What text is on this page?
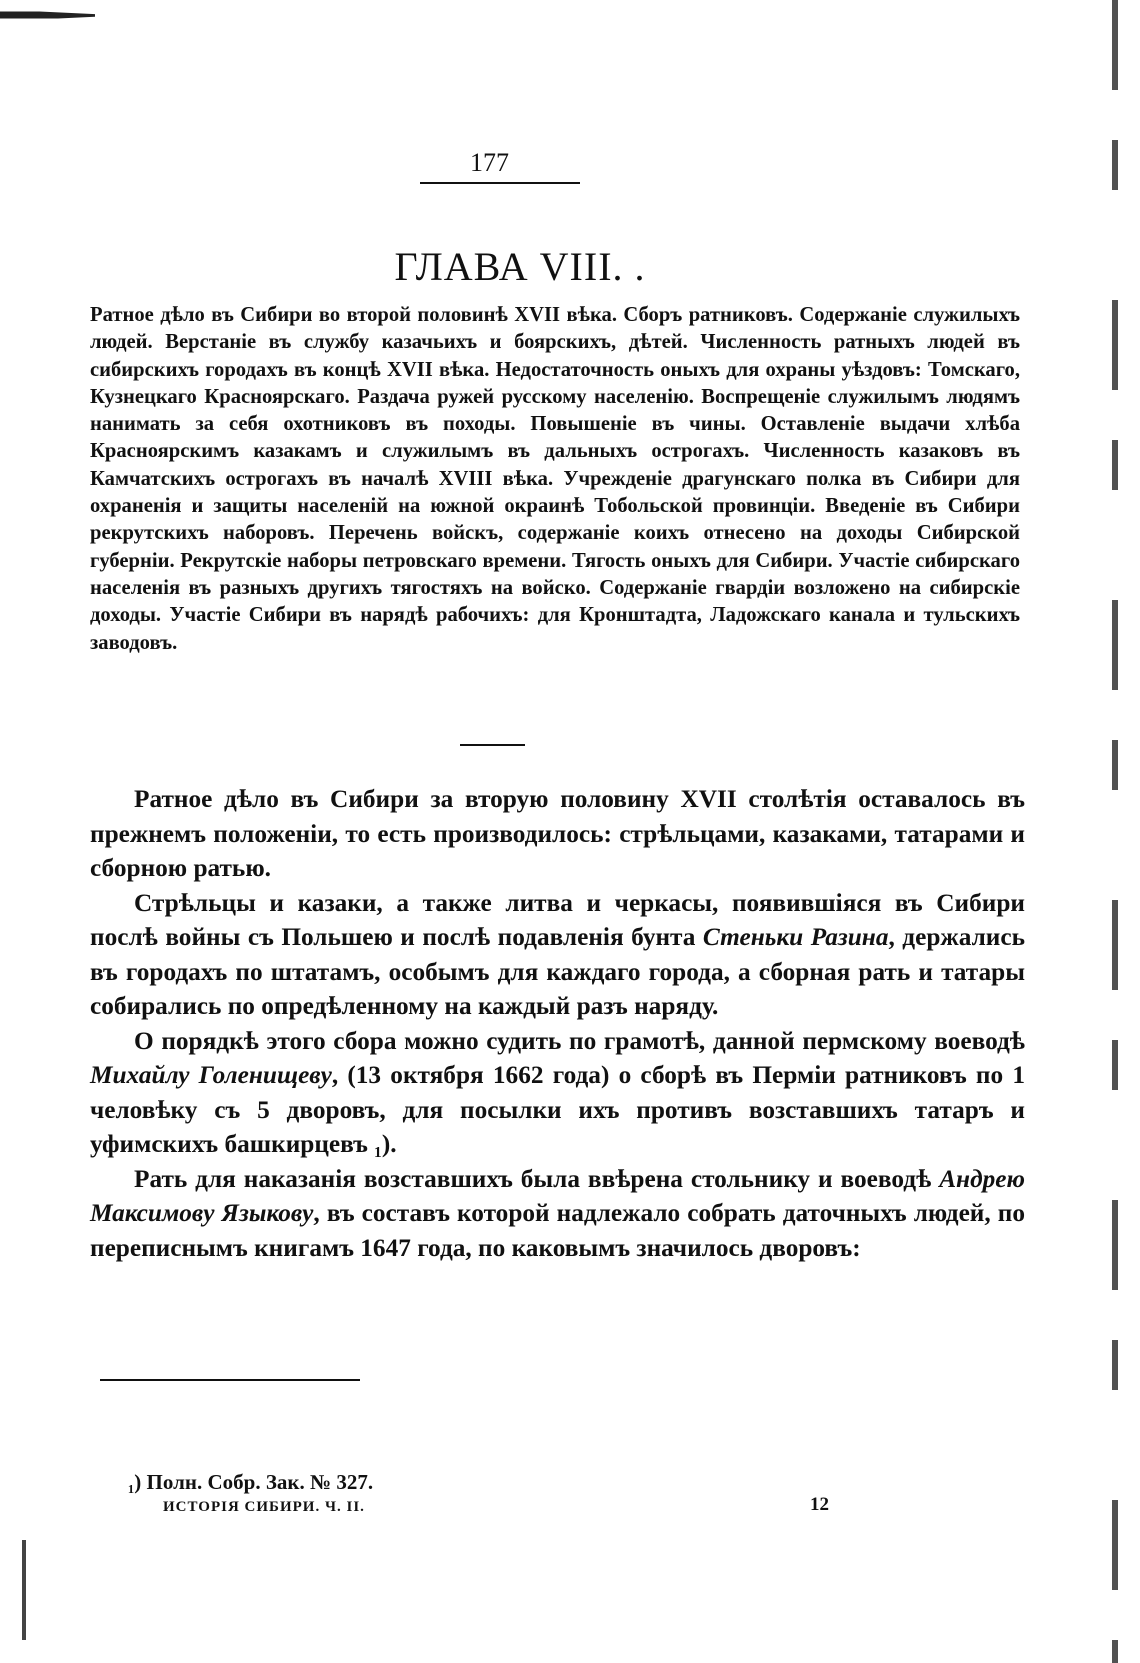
177
ГЛАВА VIII. .

Ратное дѣло въ Сибири во второй половинѣ XVII вѣка. Сборъ ратниковъ. Содержаніе служилыхъ людей. Верстаніе въ службу казачьихъ и боярскихъ, дѣтей. Численность ратныхъ людей въ сибирскихъ городахъ въ концѣ XVII вѣка. Недостаточность оныхъ для охраны уѣздовъ: Томскаго, Кузнецкаго Красноярскаго. Раздача ружей русскому населенію. Воспрещеніе служилымъ людямъ нанимать за себя охотниковъ въ походы. Повышеніе въ чины. Оставленіе выдачи хлѣба Красноярскимъ казакамъ и служилымъ въ дальныхъ острогахъ. Численность казаковъ въ Камчатскихъ острогахъ въ началѣ XVIII вѣка. Учрежденіе драгунскаго полка въ Сибири для охраненія и защиты населеній на южной окраинѣ Тобольской провинціи. Введеніе въ Сибири рекрутскихъ наборовъ. Перечень войскъ, содержаніе коихъ отнесено на доходы Сибирской губерніи. Рекрутскіе наборы петровскаго времени. Тягость оныхъ для Сибири. Участіе сибирскаго населенія въ разныхъ другихъ тягостяхъ на войско. Содержаніе гвардіи возложено на сибирскіе доходы. Участіе Сибири въ нарядѣ рабочихъ: для Кронштадта, Ладожскаго канала и тульскихъ заводовъ.

Ратное дѣло въ Сибири за вторую половину XVII столѣтія оставалось въ прежнемъ положеніи, то есть производилось: стрѣльцами, казаками, татарами и сборною ратью.

Стрѣльцы и казаки, а также литва и черкасы, появившіяся въ Сибири послѣ войны съ Польшею и послѣ подавленія бунта Стеньки Разина, держались въ городахъ по штатамъ, особымъ для каждаго города, а сборная рать и татары собирались по опредѣленному на каждый разъ наряду.

О порядкѣ этого сбора можно судить по грамотѣ, данной пермскому воеводѣ Михайлу Голенищеву, (13 октября 1662 года) о сборѣ въ Перміи ратниковъ по 1 человѣку съ 5 дворовъ, для посылки ихъ противъ возставшихъ татаръ и уфимскихъ башкирцевъ ₁).

Рать для наказанія возставшихъ была ввѣрена стольнику и воеводѣ Андрею Максимову Языкову, въ составъ которой надлежало собрать даточныхъ людей, по переписнымъ книгамъ 1647 года, по каковымъ значилось дворовъ:

₁) Полн. Собр. Зак. № 327.
ИСТОРІЯ СИБИРИ. Ч. II.	12
